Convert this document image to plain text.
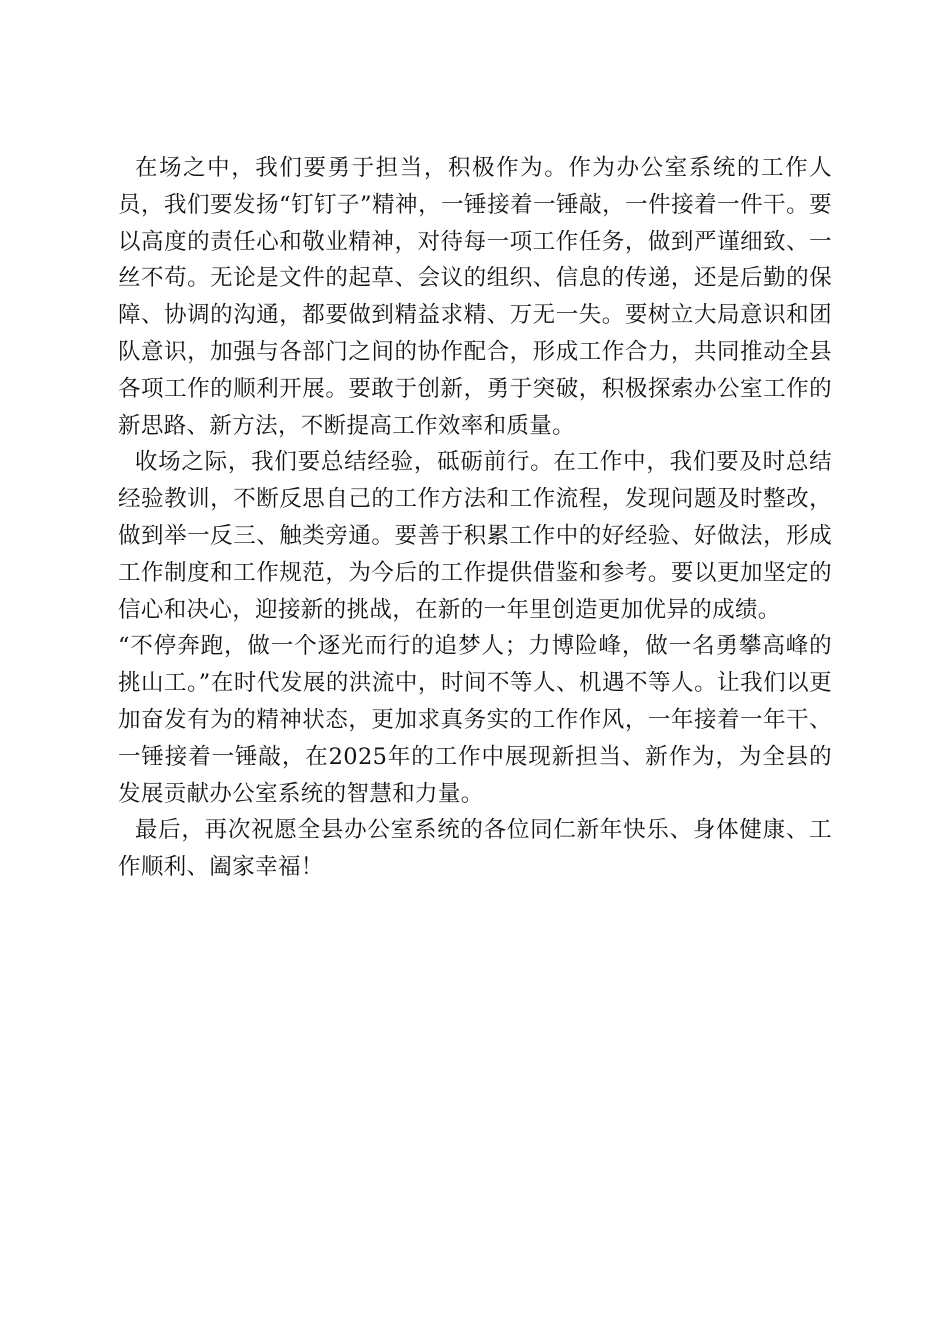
在场之中，我们要勇于担当，积极作为。作为办公室系统的工作人员，我们要发扬“钉钉子”精神，一锤接着一锤敲，一件接着一件干。要以高度的责任心和敬业精神，对待每一项工作任务，做到严谨细致、一丝不苟。无论是文件的起草、会议的组织、信息的传递，还是后勤的保障、协调的沟通，都要做到精益求精、万无一失。要树立大局意识和团队意识，加强与各部门之间的协作配合，形成工作合力，共同推动全县各项工作的顺利开展。要敢于创新，勇于突破，积极探索办公室工作的新思路、新方法，不断提高工作效率和质量。

收场之际，我们要总结经验，砥砺前行。在工作中，我们要及时总结经验教训，不断反思自己的工作方法和工作流程，发现问题及时整改，做到举一反三、触类旁通。要善于积累工作中的好经验、好做法，形成工作制度和工作规范，为今后的工作提供借鉴和参考。要以更加坚定的信心和决心，迎接新的挑战，在新的一年里创造更加优异的成绩。

“不停奔跑，做一个逐光而行的追梦人；力博险峰，做一名勇攀高峰的挑山工。”在时代发展的洪流中，时间不等人、机遇不等人。让我们以更加奋发有为的精神状态，更加求真务实的工作作风，一年接着一年干、一锤接着一锤敲，在2025年的工作中展现新担当、新作为，为全县的发展贡献办公室系统的智慧和力量。

最后，再次祝愿全县办公室系统的各位同仁新年快乐、身体健康、工作顺利、阖家幸福！
